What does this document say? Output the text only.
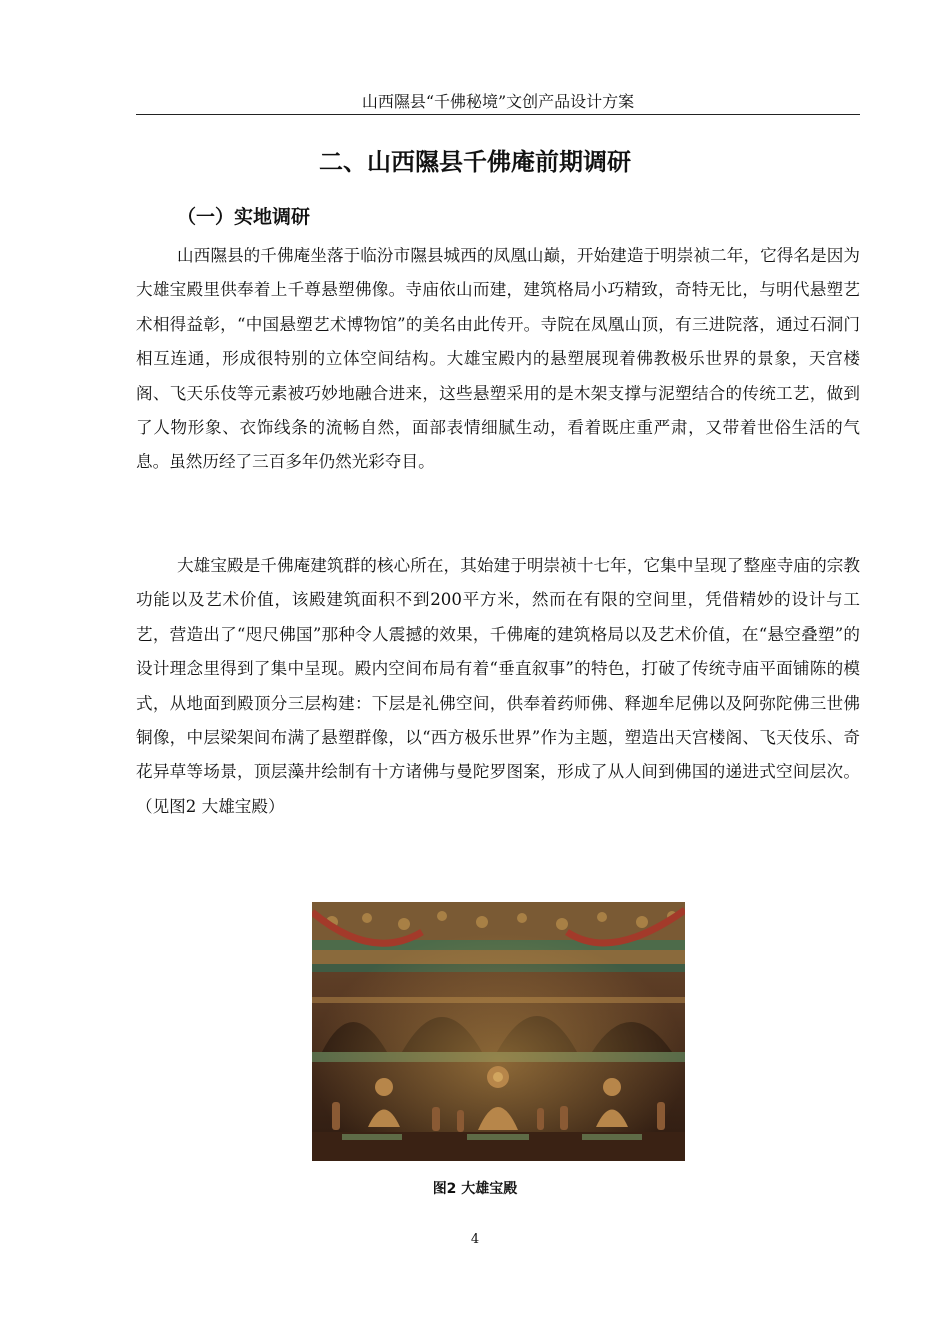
山西隰县“千佛秘境”文创产品设计方案
二、山西隰县千佛庵前期调研
（一）实地调研

山西隰县的千佛庵坐落于临汾市隰县城西的凤凰山巅，开始建造于明崇祯二年，它得名是因为大雄宝殿里供奉着上千尊悬塑佛像。寺庙依山而建，建筑格局小巧精致，奇特无比，与明代悬塑艺术相得益彰，“中国悬塑艺术博物馆”的美名由此传开。寺院在凤凰山顶，有三进院落，通过石洞门相互连通，形成很特别的立体空间结构。大雄宝殿内的悬塑展现着佛教极乐世界的景象，天宫楼阁、飞天乐伎等元素被巧妙地融合进来，这些悬塑采用的是木架支撑与泥塑结合的传统工艺，做到了人物形象、衣饰线条的流畅自然，面部表情细腻生动，看着既庄重严肃，又带着世俗生活的气息。虽然历经了三百多年仍然光彩夺目。

大雄宝殿是千佛庵建筑群的核心所在，其始建于明崇祯十七年，它集中呈现了整座寺庙的宗教功能以及艺术价值，该殿建筑面积不到200平方米，然而在有限的空间里，凭借精妙的设计与工艺，营造出了“咫尺佛国”那种令人震撼的效果，千佛庵的建筑格局以及艺术价值，在“悬空叠塑”的设计理念里得到了集中呈现。殿内空间布局有着“垂直叙事”的特色，打破了传统寺庙平面铺陈的模式，从地面到殿顶分三层构建：下层是礼佛空间，供奉着药师佛、释迦牟尼佛以及阿弥陀佛三世佛铜像，中层梁架间布满了悬塑群像，以“西方极乐世界”作为主题，塑造出天宫楼阁、飞天伎乐、奇花异草等场景，顶层藻井绘制有十方诸佛与曼陀罗图案，形成了从人间到佛国的递进式空间层次。（见图2 大雄宝殿）

图2 大雄宝殿

4
